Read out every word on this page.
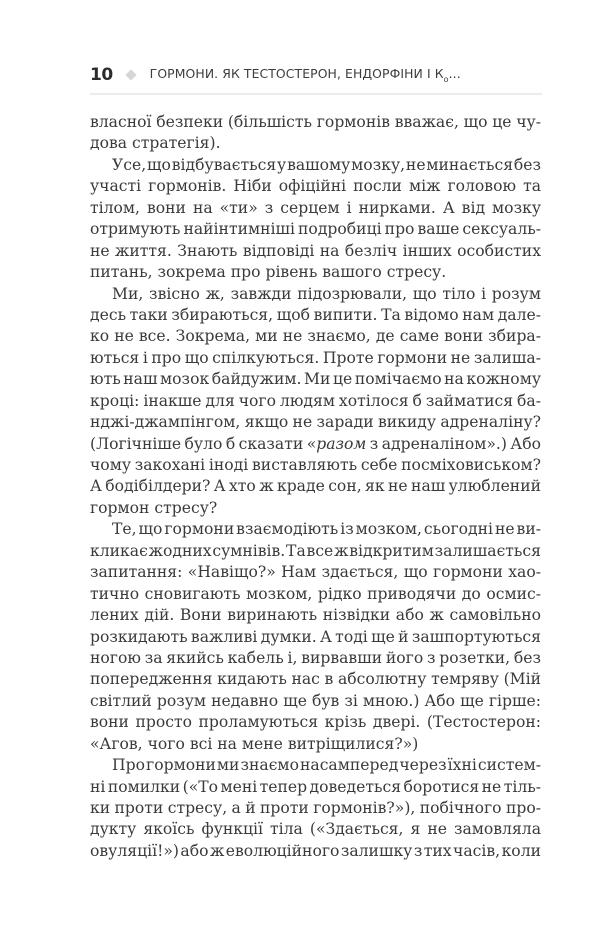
10	ГОРМОНИ. ЯК ТЕСТОСТЕРОН, ЕНДОРФІНИ І $К_о$...
власної безпеки (більшість гормонів вважає, що це чу-
дова стратегія).
Усе, що відбувається у вашому мозку, не минається без
участі гормонів. Ніби офіційні посли між головою та
тілом, вони на «ти» з серцем і нирками. А від мозку
отримують найінтимніші подробиці про ваше сексуаль-
не життя. Знають відповіді на безліч інших особистих
питань, зокрема про рівень вашого стресу.
Ми, звісно ж, завжди підозрювали, що тіло і розум
десь таки збираються, щоб випити. Та відомо нам дале-
ко не все. Зокрема, ми не знаємо, де саме вони збира-
ються і про що спілкуються. Проте гормони не залиша-
ють наш мозок байдужим. Ми це помічаємо на кожному
кроці: інакше для чого людям хотілося б займатися ба-
нджі-джампінгом, якщо не заради викиду адреналіну?
(Логічніше було б сказати «разом з адреналіном».) Або
чому закохані іноді виставляють себе посміховиськом?
А бодібілдери? А хто ж краде сон, як не наш улюблений
гормон стресу?
Те, що гормони взаємодіють із мозком, сьогодні не ви-
кликає жодних сумнівів. Та все ж відкритим залишається
запитання: «Навіщо?» Нам здається, що гормони хао-
тично сновигають мозком, рідко приводячи до осмис-
лених дій. Вони виринають нізвідки або ж самовільно
розкидають важливі думки. А тоді ще й зашпортуються
ногою за якийсь кабель і, вирвавши його з розетки, без
попередження кидають нас в абсолютну темряву (Мій
світлий розум недавно ще був зі мною.) Або ще гірше:
вони просто проламуються крізь двері. (Тестостерон:
«Агов, чого всі на мене витріщилися?»)
Про гормони ми знаємо насамперед через їхні систем-
ні помилки («То мені тепер доведеться боротися не тіль-
ки проти стресу, а й проти гормонів?»), побічного про-
дукту якоїсь функції тіла («Здається, я не замовляла
овуляції!») або ж еволюційного залишку з тих часів, коли
